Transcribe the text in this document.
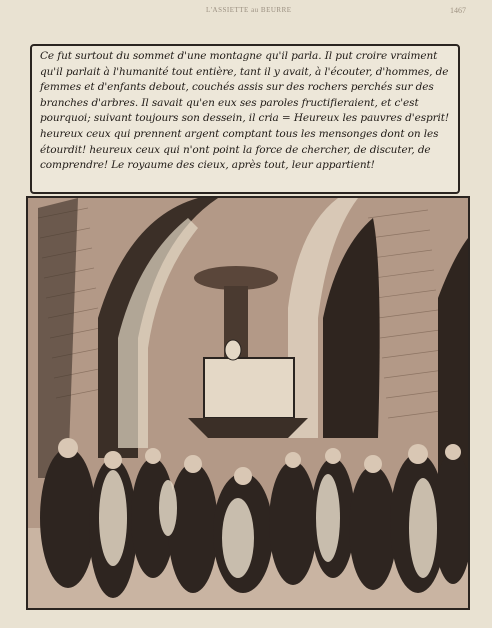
L'ASSIETTE au BEURRE	1467

Ce fut surtout du sommet d'une montagne qu'il parla. Il put croire vraiment qu'il parlait à l'humanité tout entière, tant il y avait, à l'écouter, d'hommes, de femmes et d'enfants debout, couchés assis sur des rochers perchés sur des branches d'arbres. Il savait qu'en eux ses paroles fructifieraient, et c'est pourquoi; suivant toujours son dessein, il cria = Heureux les pauvres d'esprit! heureux ceux qui prennent argent comptant tous les mensonges dont on les étourdit! heureux ceux qui n'ont point la force de chercher, de discuter, de comprendre! Le royaume des cieux, après tout, leur appartient!
